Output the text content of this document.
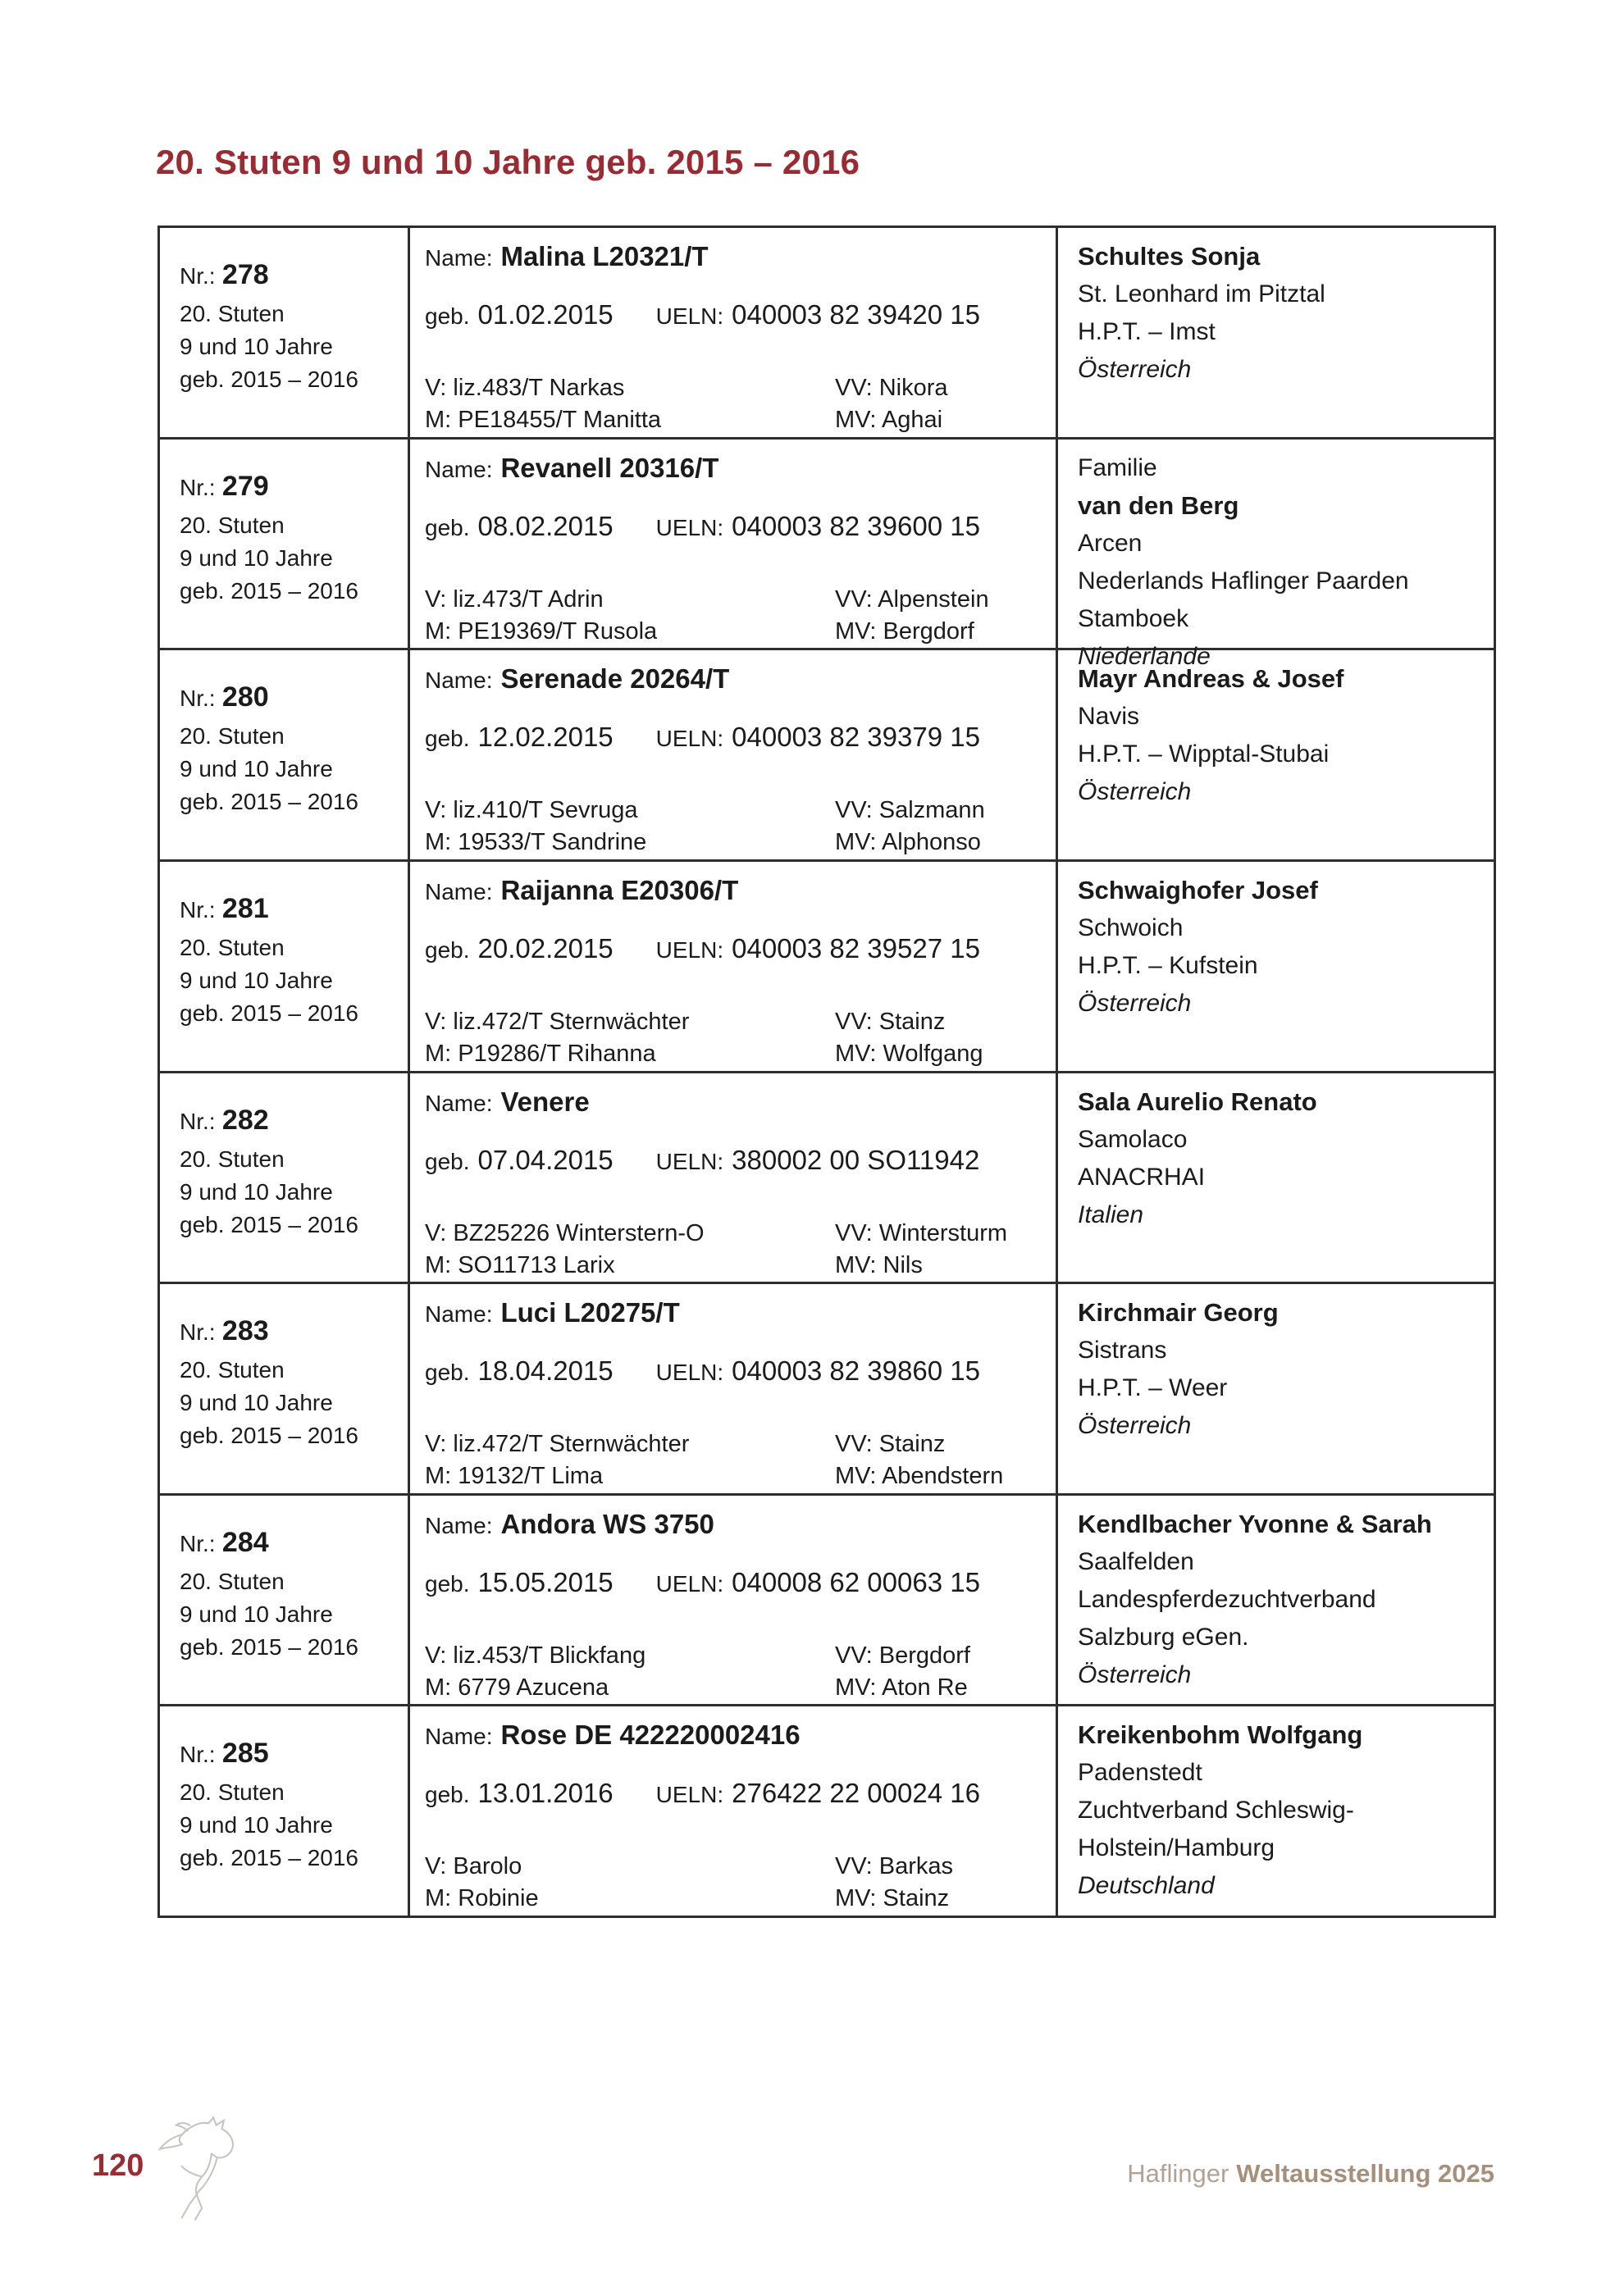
20. Stuten 9 und 10 Jahre geb. 2015 – 2016
Nr.: 278
20. Stuten
9 und 10 Jahre
geb. 2015 – 2016
Name: Malina L20321/T
geb. 01.02.2015 UELN: 040003 82 39420 15
V: liz.483/T Narkas
M: PE18455/T Manitta
VV: Nikora
MV: Aghai
Schultes Sonja
St. Leonhard im Pitztal
H.P.T. – Imst
Österreich
Nr.: 279
20. Stuten
9 und 10 Jahre
geb. 2015 – 2016
Name: Revanell 20316/T
geb. 08.02.2015 UELN: 040003 82 39600 15
V: liz.473/T Adrin
M: PE19369/T Rusola
VV: Alpenstein
MV: Bergdorf
Familie
van den Berg
Arcen
Nederlands Haflinger Paarden Stamboek
Niederlande
Nr.: 280
20. Stuten
9 und 10 Jahre
geb. 2015 – 2016
Name: Serenade 20264/T
geb. 12.02.2015 UELN: 040003 82 39379 15
V: liz.410/T Sevruga
M: 19533/T Sandrine
VV: Salzmann
MV: Alphonso
Mayr Andreas & Josef
Navis
H.P.T. – Wipptal-Stubai
Österreich
Nr.: 281
20. Stuten
9 und 10 Jahre
geb. 2015 – 2016
Name: Raijanna E20306/T
geb. 20.02.2015 UELN: 040003 82 39527 15
V: liz.472/T Sternwächter
M: P19286/T Rihanna
VV: Stainz
MV: Wolfgang
Schwaighofer Josef
Schwoich
H.P.T. – Kufstein
Österreich
Nr.: 282
20. Stuten
9 und 10 Jahre
geb. 2015 – 2016
Name: Venere
geb. 07.04.2015 UELN: 380002 00 SO11942
V: BZ25226 Winterstern-O
M: SO11713 Larix
VV: Wintersturm
MV: Nils
Sala Aurelio Renato
Samolaco
ANACRHAI
Italien
Nr.: 283
20. Stuten
9 und 10 Jahre
geb. 2015 – 2016
Name: Luci L20275/T
geb. 18.04.2015 UELN: 040003 82 39860 15
V: liz.472/T Sternwächter
M: 19132/T Lima
VV: Stainz
MV: Abendstern
Kirchmair Georg
Sistrans
H.P.T. – Weer
Österreich
Nr.: 284
20. Stuten
9 und 10 Jahre
geb. 2015 – 2016
Name: Andora WS 3750
geb. 15.05.2015 UELN: 040008 62 00063 15
V: liz.453/T Blickfang
M: 6779 Azucena
VV: Bergdorf
MV: Aton Re
Kendlbacher Yvonne & Sarah
Saalfelden
Landespferdezuchtverband Salzburg eGen.
Österreich
Nr.: 285
20. Stuten
9 und 10 Jahre
geb. 2015 – 2016
Name: Rose DE 422220002416
geb. 13.01.2016 UELN: 276422 22 00024 16
V: Barolo
M: Robinie
VV: Barkas
MV: Stainz
Kreikenbohm Wolfgang
Padenstedt
Zuchtverband Schleswig-Holstein/Hamburg
Deutschland
120	Haflinger Weltausstellung 2025
